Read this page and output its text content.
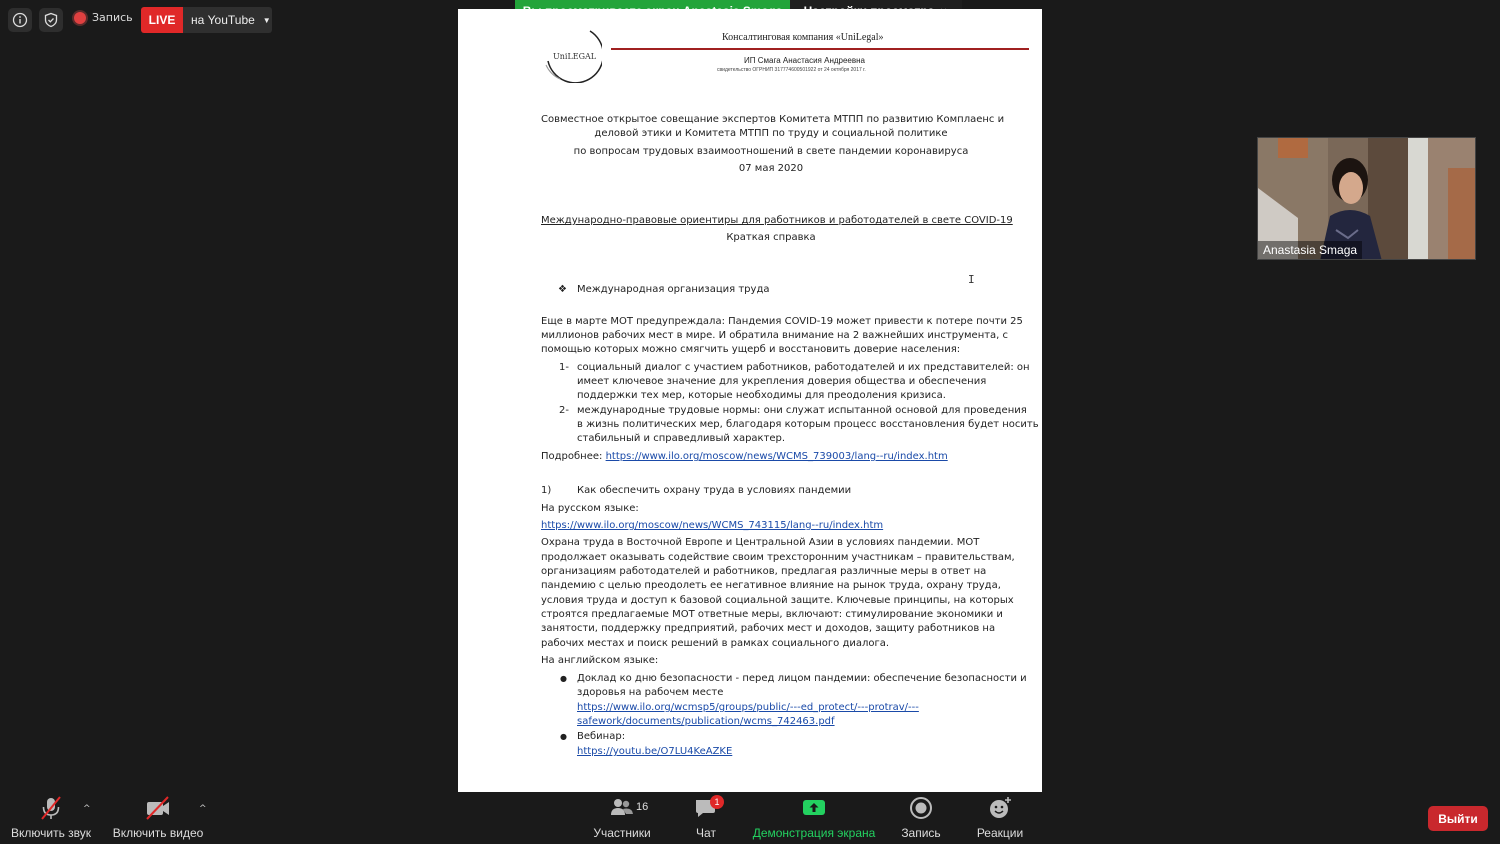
Запись	LIVE	на YouTube ▼
UniLEGAL
Консалтинговая компания «UniLegal»
ИП Смага Анастасия Андреевна
свидетельство ОГРНИП 317774600501922 от 24 октября 2017 г.
Совместное открытое совещание экспертов Комитета МТПП по развитию Комплаенс и
деловой этики и Комитета МТПП по труду и социальной политике
по вопросам трудовых взаимоотношений в свете пандемии коронавируса
07 мая 2020
Международно-правовые ориентиры для работников и работодателей в свете COVID-19
Краткая справка
❖ Международная организация труда
Еще в марте МОТ предупреждала: Пандемия COVID-19 может привести к потере почти 25
миллионов рабочих мест в мире. И обратила внимание на 2 важнейших инструмента, с
помощью которых можно смягчить ущерб и восстановить доверие населения:
1- социальный диалог с участием работников, работодателей и их представителей: он
имеет ключевое значение для укрепления доверия общества и обеспечения
поддержки тех мер, которые необходимы для преодоления кризиса.
2- международные трудовые нормы: они служат испытанной основой для проведения
в жизнь политических мер, благодаря которым процесс восстановления будет носить
стабильный и справедливый характер.
Подробнее: https://www.ilo.org/moscow/news/WCMS_739003/lang--ru/index.htm
1)	Как обеспечить охрану труда в условиях пандемии
На русском языке:
https://www.ilo.org/moscow/news/WCMS_743115/lang--ru/index.htm
Охрана труда в Восточной Европе и Центральной Азии в условиях пандемии. МОТ
продолжает оказывать содействие своим трехсторонним участникам – правительствам,
организациям работодателей и работников, предлагая различные меры в ответ на
пандемию с целью преодолеть ее негативное влияние на рынок труда, охрану труда,
условия труда и доступ к базовой социальной защите. Ключевые принципы, на которых
строятся предлагаемые МОТ ответные меры, включают: стимулирование экономики и
занятости, поддержку предприятий, рабочих мест и доходов, защиту работников на
рабочих местах и поиск решений в рамках социального диалога.
На английском языке:
● Доклад ко дню безопасности - перед лицом пандемии: обеспечение безопасности и
здоровья на рабочем месте
https://www.ilo.org/wcmsp5/groups/public/---ed_protect/---protrav/---
safework/documents/publication/wcms_742463.pdf
● Вебинар:
https://youtu.be/O7LU4KeAZKE
I
Anastasia Smaga
Включить звук
^
Включить видео
^
Участники
16
Чат
1
Демонстрация экрана Запись	Реакции
Выйти
